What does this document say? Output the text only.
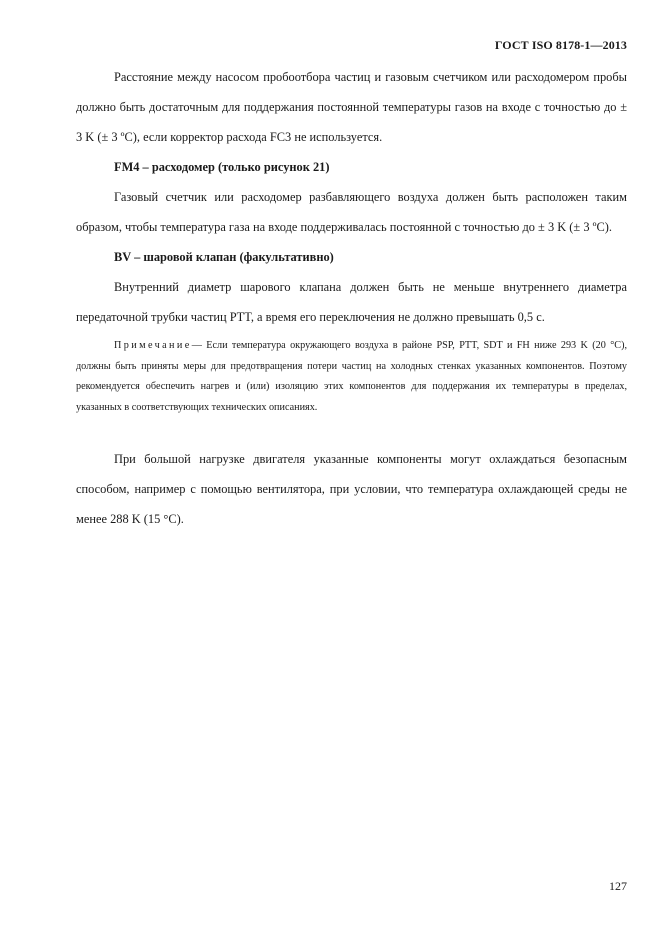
ГОСТ ISO 8178-1—2013

Расстояние между насосом пробоотбора частиц и газовым счетчиком или расходомером пробы должно быть достаточным для поддержания постоянной температуры газов на входе с точностью до ± 3 K (± 3 ºC), если корректор расхода FC3 не используется.

FM4 – расходомер (только рисунок 21)

Газовый счетчик или расходомер разбавляющего воздуха должен быть расположен таким образом, чтобы температура газа на входе поддерживалась постоянной с точностью до ± 3 K (± 3 ºC).

BV – шаровой клапан (факультативно)

Внутренний диаметр шарового клапана должен быть не меньше внутреннего диаметра передаточной трубки частиц PTT, а время его переключения не должно превышать 0,5 с.

Примечание— Если температура окружающего воздуха в районе PSP, PTT, SDT и FH ниже 293 K (20 °C), должны быть приняты меры для предотвращения потери частиц на холодных стенках указанных компонентов. Поэтому рекомендуется обеспечить нагрев и (или) изоляцию этих компонентов для поддержания их температуры в пределах, указанных в соответствующих технических описаниях.

При большой нагрузке двигателя указанные компоненты могут охлаждаться безопасным способом, например с помощью вентилятора, при условии, что температура охлаждающей среды не менее 288 K (15 °C).

127
